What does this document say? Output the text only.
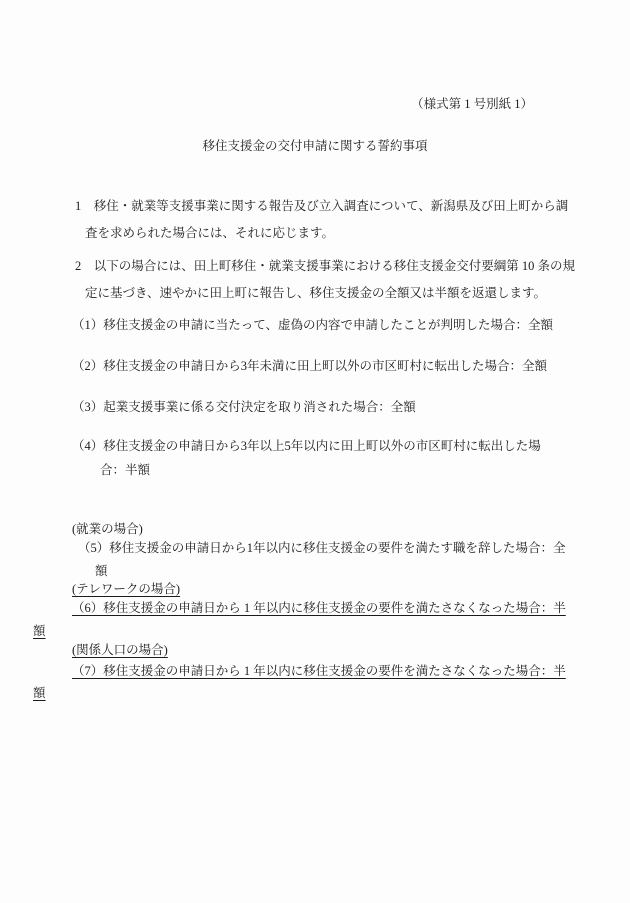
（様式第 1 号別紙 1）
移住支援金の交付申請に関する誓約事項
1　移住・就業等支援事業に関する報告及び立入調査について、新潟県及び田上町から調
査を求められた場合には、それに応じます。
2　以下の場合には、田上町移住・就業支援事業における移住支援金交付要綱第 10 条の規
定に基づき、速やかに田上町に報告し、移住支援金の全額又は半額を返還します。
（1）移住支援金の申請に当たって、虚偽の内容で申請したことが判明した場合：全額
（2）移住支援金の申請日から3年未満に田上町以外の市区町村に転出した場合：全額
（3）起業支援事業に係る交付決定を取り消された場合：全額
（4）移住支援金の申請日から3年以上5年以内に田上町以外の市区町村に転出した場
合：半額
(就業の場合)
（5）移住支援金の申請日から1年以内に移住支援金の要件を満たす職を辞した場合：全
額
(テレワークの場合)
（6）移住支援金の申請日から 1 年以内に移住支援金の要件を満たさなくなった場合：半
額
(関係人口の場合)
（7）移住支援金の申請日から 1 年以内に移住支援金の要件を満たさなくなった場合：半
額
